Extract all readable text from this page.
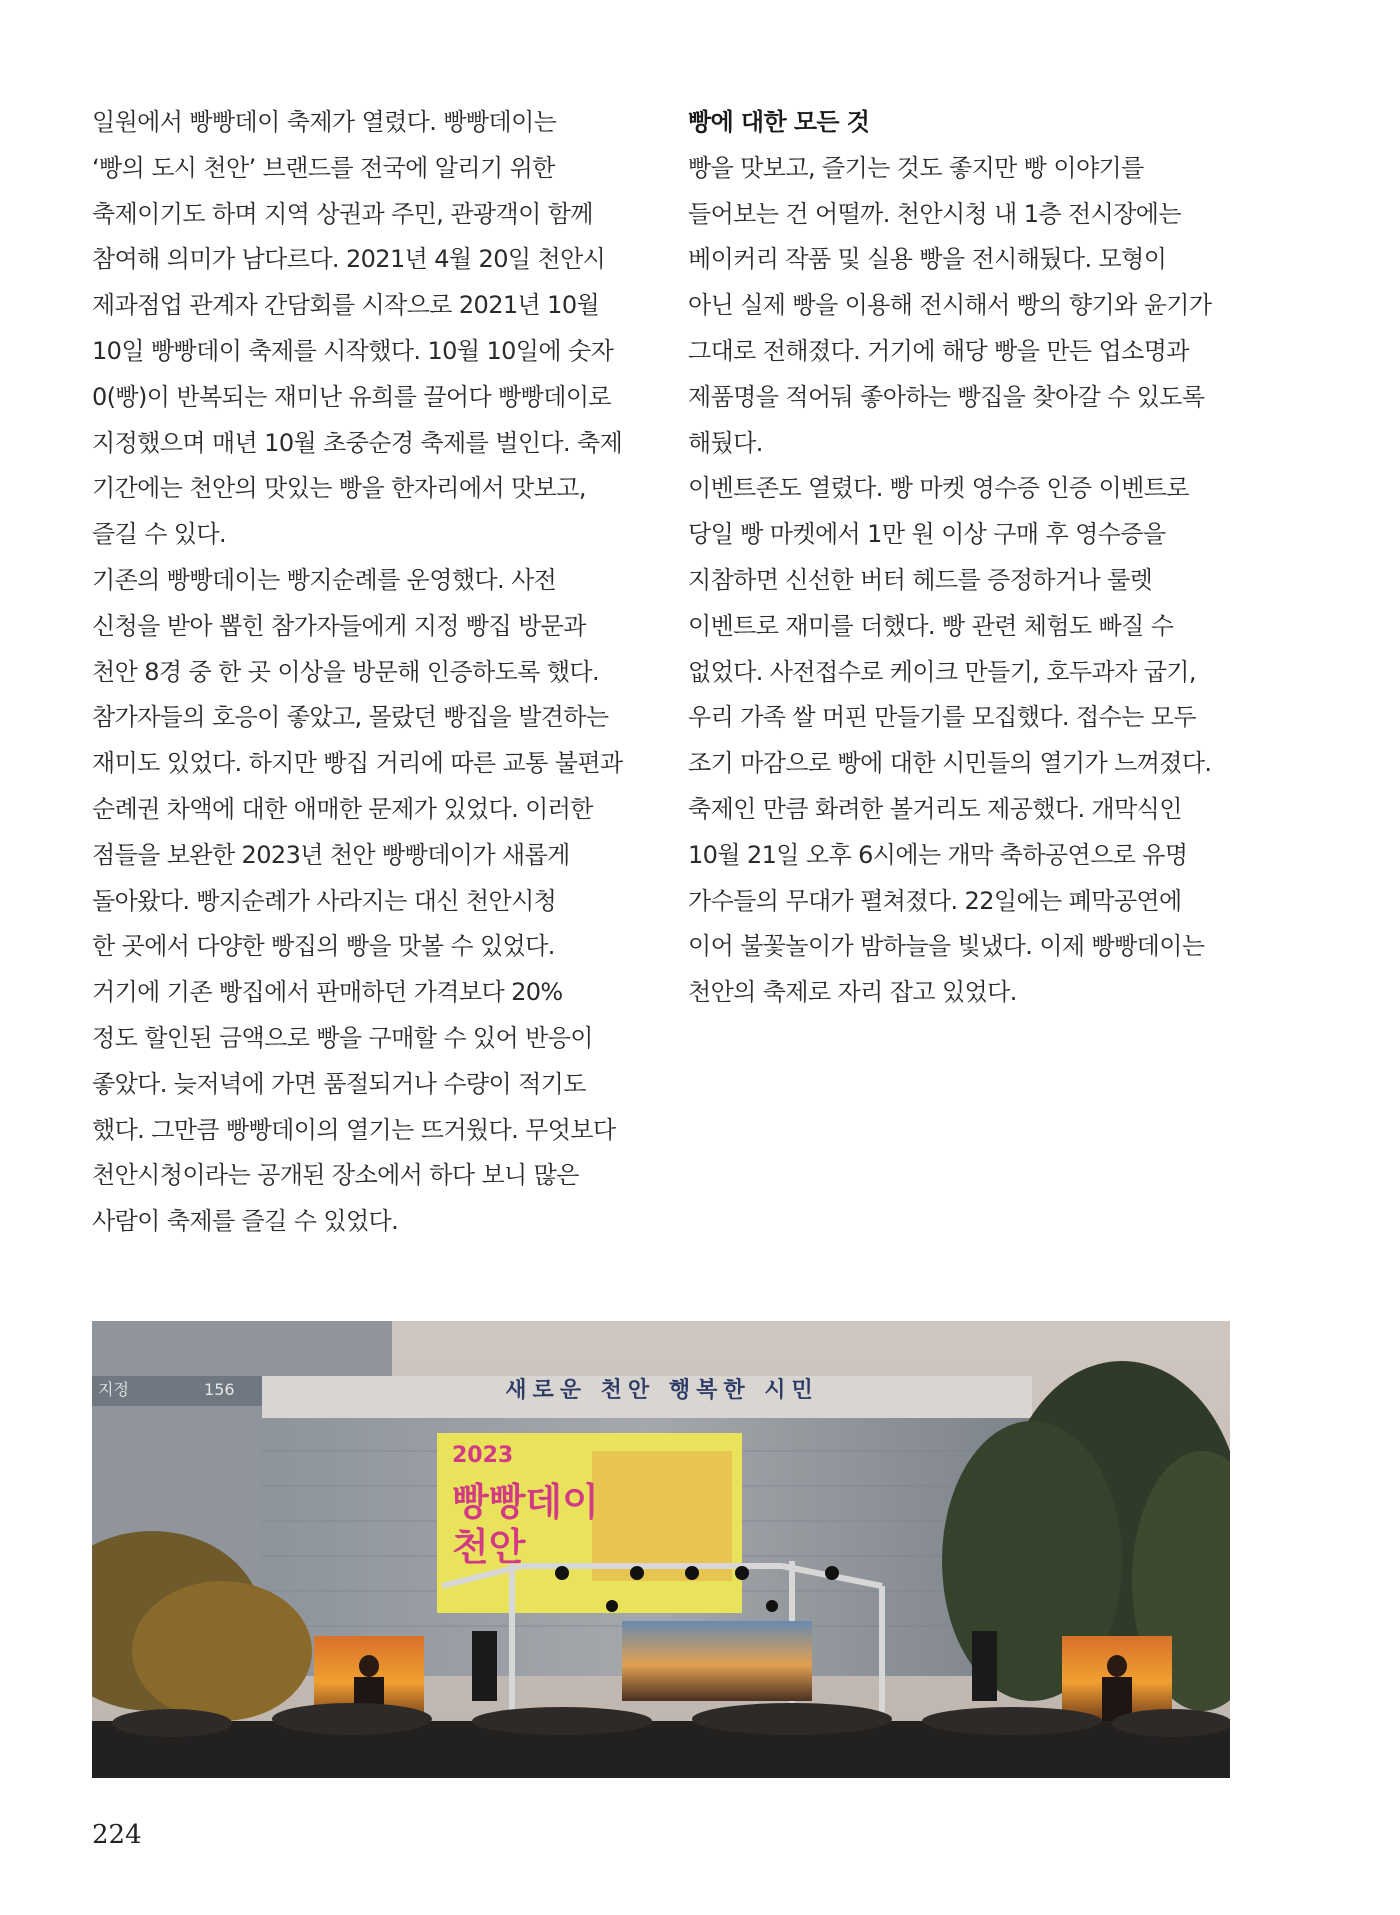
일원에서 빵빵데이 축제가 열렸다. 빵빵데이는
‘빵의 도시 천안’ 브랜드를 전국에 알리기 위한
축제이기도 하며 지역 상권과 주민, 관광객이 함께
참여해 의미가 남다르다. 2021년 4월 20일 천안시
제과점업 관계자 간담회를 시작으로 2021년 10월
10일 빵빵데이 축제를 시작했다. 10월 10일에 숫자
0(빵)이 반복되는 재미난 유희를 끌어다 빵빵데이로
지정했으며 매년 10월 초중순경 축제를 벌인다. 축제
기간에는 천안의 맛있는 빵을 한자리에서 맛보고,
즐길 수 있다.
기존의 빵빵데이는 빵지순례를 운영했다. 사전
신청을 받아 뽑힌 참가자들에게 지정 빵집 방문과
천안 8경 중 한 곳 이상을 방문해 인증하도록 했다.
참가자들의 호응이 좋았고, 몰랐던 빵집을 발견하는
재미도 있었다. 하지만 빵집 거리에 따른 교통 불편과
순례권 차액에 대한 애매한 문제가 있었다. 이러한
점들을 보완한 2023년 천안 빵빵데이가 새롭게
돌아왔다. 빵지순례가 사라지는 대신 천안시청
한 곳에서 다양한 빵집의 빵을 맛볼 수 있었다.
거기에 기존 빵집에서 판매하던 가격보다 20%
정도 할인된 금액으로 빵을 구매할 수 있어 반응이
좋았다. 늦저녁에 가면 품절되거나 수량이 적기도
했다. 그만큼 빵빵데이의 열기는 뜨거웠다. 무엇보다
천안시청이라는 공개된 장소에서 하다 보니 많은
사람이 축제를 즐길 수 있었다.
빵에 대한 모든 것
빵을 맛보고, 즐기는 것도 좋지만 빵 이야기를
들어보는 건 어떨까. 천안시청 내 1층 전시장에는
베이커리 작품 및 실용 빵을 전시해뒀다. 모형이
아닌 실제 빵을 이용해 전시해서 빵의 향기와 윤기가
그대로 전해졌다. 거기에 해당 빵을 만든 업소명과
제품명을 적어둬 좋아하는 빵집을 찾아갈 수 있도록
해뒀다.
이벤트존도 열렸다. 빵 마켓 영수증 인증 이벤트로
당일 빵 마켓에서 1만 원 이상 구매 후 영수증을
지참하면 신선한 버터 헤드를 증정하거나 룰렛
이벤트로 재미를 더했다. 빵 관련 체험도 빠질 수
없었다. 사전접수로 케이크 만들기, 호두과자 굽기,
우리 가족 쌀 머핀 만들기를 모집했다. 접수는 모두
조기 마감으로 빵에 대한 시민들의 열기가 느껴졌다.
축제인 만큼 화려한 볼거리도 제공했다. 개막식인
10월 21일 오후 6시에는 개막 축하공연으로 유명
가수들의 무대가 펼쳐졌다. 22일에는 폐막공연에
이어 불꽃놀이가 밤하늘을 빛냈다. 이제 빵빵데이는
천안의 축제로 자리 잡고 있었다.
새로운 천안 행복한 시민
지정	156
2023
빵빵데이
천안
224
